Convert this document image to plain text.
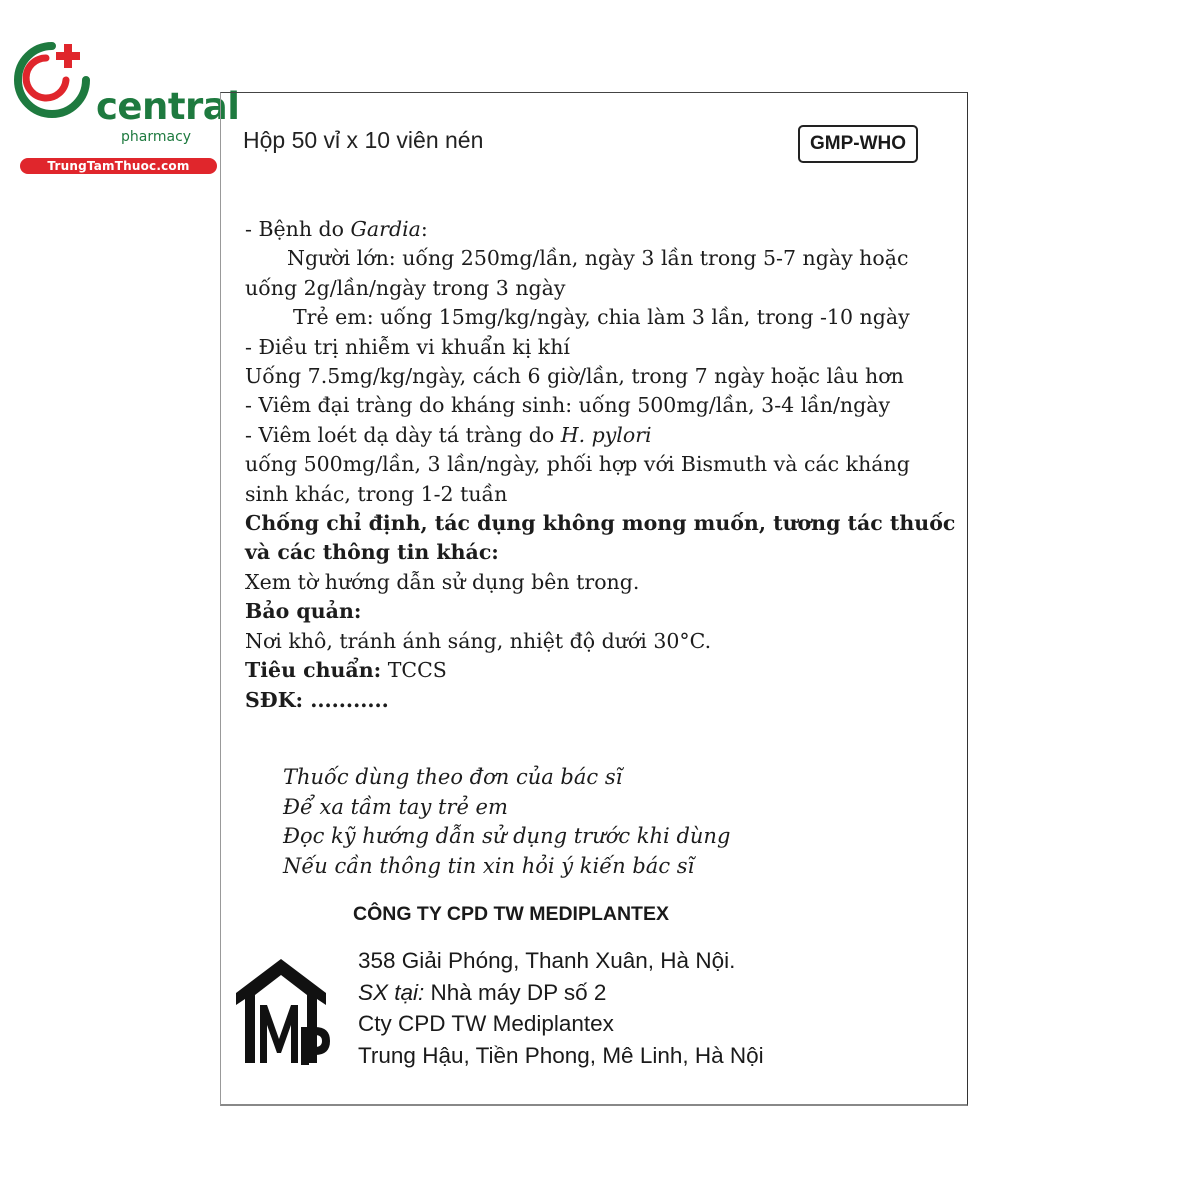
central
pharmacy
TrungTamThuoc.com
Hộp 50 vỉ x 10 viên nén	GMP-WHO
- Bệnh do Gardia:
Người lớn: uống 250mg/lần, ngày 3 lần trong 5-7 ngày hoặc
uống 2g/lần/ngày trong 3 ngày
Trẻ em: uống 15mg/kg/ngày, chia làm 3 lần, trong -10 ngày
- Điều trị nhiễm vi khuẩn kị khí
Uống 7.5mg/kg/ngày, cách 6 giờ/lần, trong 7 ngày hoặc lâu hơn
- Viêm đại tràng do kháng sinh: uống 500mg/lần, 3-4 lần/ngày
- Viêm loét dạ dày tá tràng do H. pylori
uống 500mg/lần, 3 lần/ngày, phối hợp với Bismuth và các kháng
sinh khác, trong 1-2 tuần
Chống chỉ định, tác dụng không mong muốn, tương tác thuốc
và các thông tin khác:
Xem tờ hướng dẫn sử dụng bên trong.
Bảo quản:
Nơi khô, tránh ánh sáng, nhiệt độ dưới 30°C.
Tiêu chuẩn: TCCS
SĐK: ...........
Thuốc dùng theo đơn của bác sĩ
Để xa tầm tay trẻ em
Đọc kỹ hướng dẫn sử dụng trước khi dùng
Nếu cần thông tin xin hỏi ý kiến bác sĩ
CÔNG TY CPD TW MEDIPLANTEX
358 Giải Phóng, Thanh Xuân, Hà Nội.
SX tại: Nhà máy DP số 2
Cty CPD TW Mediplantex
Trung Hậu, Tiền Phong, Mê Linh, Hà Nội
